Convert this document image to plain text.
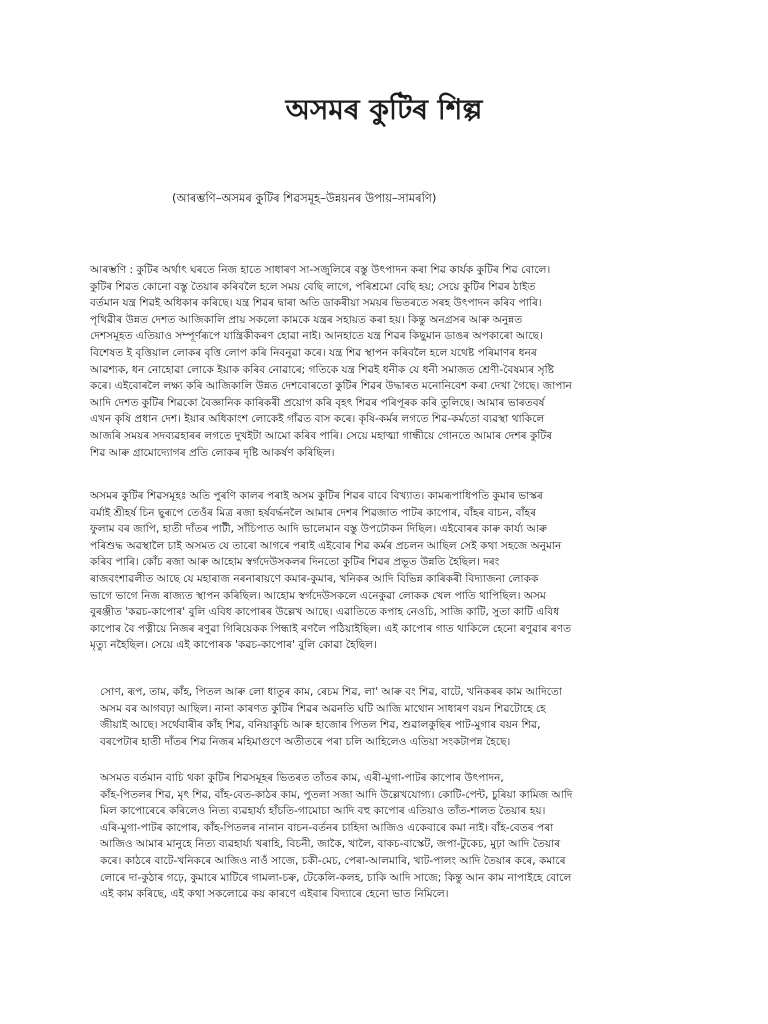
অসমৰ কুটিৰ শিল্প

(আৰম্ভণি–অসমৰ কুটিৰ শিৱসমূহ–উন্নয়নৰ উপায়–সামৰণি)

আৰম্ভণি : কুটিৰ অৰ্থাৎ ঘৰতে নিজ হাতে সাধাৰণ সা-সজুলিৰে বস্তু উৎপাদন কৰা শিৱ কাৰ্যক কুটিৰ শিৱ বোলে।
কুটিৰ শিৱত কোনো বস্তু তৈয়াৰ কৰিবলৈ হলে সময় বেছি লাগে, পৰিশ্ৰমো বেছি হয়; সেয়ে কুটিৰ শিৱৰ ঠাইত
বৰ্তমান যন্ত্ৰ শিৱই অধিকাৰ কৰিছে। যন্ত্ৰ শিৱৰ দ্বাৰা অতি ডাকৰীয়া সময়ৰ ভিতৰতে সৰহ উৎপাদন কৰিব পাৰি।
পৃথিৱীৰ উন্নত দেশত আজিকালি প্ৰায় সকলো কামকে যন্ত্ৰৰ সহায়ত কৰা হয়। কিন্তু অনগ্ৰসৰ আৰু অনুন্নত
দেশসমূহত এতিয়াও সম্পূৰ্ণৰূপে যান্ত্ৰিকীকৰণ হোৱা নাই। আনহাতে যন্ত্ৰ শিৱৰ কিছুমান ডাঙৰ অপকাৰো আছে।
বিশেষত ই বৃত্তিয়াল লোকৰ বৃত্তি লোপ কৰি নিবনুৱা কৰে। যন্ত্ৰ শিৱ স্থাপন কৰিবলৈ হলে যথেষ্ট পৰিমাণৰ ধনৰ
আৱশ্যক, ধন নোহোৱা লোকে ইয়াক কৰিব নোৱাৰে; গতিকে যন্ত্ৰ শিৱই ধনীক যে ধনী সমাজত শ্ৰেণী-বৈষম্যৰ সৃষ্টি
কৰে। এইবোৰলৈ লক্ষ্য কৰি আজিকালি উন্নত দেশবোৰতো কুটিৰ শিৱৰ উদ্ধাৰত মনোনিবেশ কৰা দেখা গৈছে। জাপান
আদি দেশত কুটিৰ শিৱকো বৈজ্ঞানিক কাৰিকৰী প্ৰয়োগ কৰি বৃহৎ শিৱৰ পৰিপূৰক কৰি তুলিছে। আমাৰ ভাৰতবৰ্ষ
এখন কৃষি প্ৰধান দেশ। ইয়াৰ অধিকাংশ লোকেই গাঁৱত বাস কৰে। কৃষি-কৰ্মৰ লগতে শিৱ-কৰ্মতো ব্যৱস্থা থাকিলে
আজৰি সময়ৰ সদব্যৱহাৰৰ লগতে দুখইটা আমো কৰিব পাৰি। সেয়ে মহাত্মা গান্ধীয়ে গোনতে আমাৰ দেশৰ কুটিৰ
শিৱ আৰু গ্ৰামোদ্যোগৰ প্ৰতি লোকৰ দৃষ্টি আকৰ্ষণ কৰিছিল।

অসমৰ কুটিৰ শিৱসমূহঃ অতি পুৰণি কালৰ পৰাই অসম কুটিৰ শিৱৰ বাবে বিখ্যাত। কামৰূপাধিপতি কুমাৰ ভাস্কৰ
বৰ্মাই শ্ৰীহৰ্ষ চিন ছ্বৰূপে তেওঁৰ মিত্ৰ ৰজা হৰ্ষবৰ্দ্ধনলৈ আমাৰ দেশৰ শিৱজাত পাটৰ কাপোৰ, বাঁহৰ বাচন, বাঁহৰ
ফুলাম বৰ জাপি, হাতী দাঁতৰ পাটী, সাঁচিপাত আদি ভালেমান বস্তু উপঢৌকন দিছিল। এইবোৰৰ কাৰু কাৰ্য্য আৰু
পৰিশুদ্ধ অৱস্থালৈ চাই অসমত যে তাৰো আগৰে পৰাই এইবোৰ শিৱ কৰ্মৰ প্ৰচলন আছিল সেই কথা সহজে অনুমান
কৰিব পাৰি। কোঁচ ৰজা আৰু আহোম স্বৰ্গদেউসকলৰ দিনতো কুটিৰ শিৱৰ প্ৰভূত উন্নতি হৈছিল। দৰং
ৰাজবংশাৱলীত আছে যে মহাৰাজ নৰনাৰায়ণে কমাৰ-কুমাৰ, খনিকৰ আদি বিভিন্ন কাৰিকৰী বিদ্যাজনা লোকক
ভাগে ভাগে নিজ ৰাজ্যত স্থাপন কৰিছিল। আহোম স্বৰ্গদেউসকলে এনেকুৱা লোকক খেল পাতি থাপিছিল। অসম
বুৰঞ্জীত 'কৱচ-কাপোৰ' বুলি এবিধ কাপোৰৰ উল্লেখ আছে। এৱাতিতে কপাহ নেওচি, সাজি কাটি, সুতা কাটি এবিধ
কাপোৰ বৈ পত্নীয়ে নিজৰ ৰণুৱা গিৰিয়েকক পিন্ধাই ৰণলৈ পঠিয়াইছিল। এই কাপোৰ গাত থাকিলে হেনো ৰণুৱাৰ ৰণত
মৃত্যু নহৈছিল। সেয়ে এই কাপোৰক 'কৱচ-কাপোৰ' বুলি কোৱা হৈছিল।

সোণ, ৰূপ, তাম, কাঁহ, পিতল আৰু লো ধাতুৰ কাম, ৰেচম শিৱ, লা' আৰু বং শিৱ, বাটে, খনিকৰৰ কাম আদিতো
অসম বৰ আগবঢ়া আছিল। নানা কাৰণত কুটিৰ শিৱৰ অৱনতি ঘটি আজি মাথোন সাধাৰণ বয়ন শিৱটোহে হে
জীয়াই আছে। সৰ্থেবাৰীৰ কাঁহ শিৱ, বনিয়াকুচি আৰু হাজোৰ পিতল শিৱ, শুৱালকুছিৰ পাট-মুগাৰ বয়ন শিৱ,
বৰপেটাৰ হাতী দাঁতৰ শিৱ নিজৰ মহিমাগুণে অতীতৰে পৰা চলি আহিলেও এতিয়া সংকটাপন্ন হৈছে।

অসমত বৰ্তমান বাচি থকা কুটিৰ শিৱসমূহৰ ভিতৰত তাঁতৰ কাম, এৰী-মুগা-পাটৰ কাপোৰ উৎপাদন,
কাঁহ-পিতলৰ শিৱ, মৃৎ শিৱ, বাঁহ-বেত-কাঠৰ কাম, পুতলা সজা আদি উল্লেখযোগ্য। কোটি-পেন্ট, চুৰিয়া কামিজ আদি
মিল কাপোৰেৰে কৰিলেও নিত্য ব্যৱহাৰ্য্য হাঁচতি-গামোচা আদি বহু কাপোৰ এতিয়াও তাঁত-শালত তৈয়াৰ হয়।
এৰি-মুগা-পাটৰ কাপোৰ, কাঁহ-পিতলৰ নানান বাচন-বৰ্তনৰ চাহিদা আজিও একেবাৰে কমা নাই। বাঁহ-বেতৰ পৰা
আজিও আমাৰ মানুহে নিত্য ব্যৱহাৰ্য্য খৰাহি, বিচনী, জাকৈ, খালৈ, বাকচ-বাস্কেট, জপা-টুকেচ, মুঢ়া আদি তৈয়াৰ
কৰে। কাঠৰে বাটে-খনিকৰে আজিও নাওঁ সাজে, চকী-মেচ, পেৰা-আলমাৰি, খাট-পালং আদি তৈয়াৰ কৰে, কমাৰে
লোৰে দা-কুঠাৰ গঢ়ে, কুমাৰে মাটিৰে গামলা-চৰু, টেকেলি-কলহ, চাকি আদি সাজে; কিন্তু আন কাম নাপাইহে বোলে
এই কাম কৰিছে, এই কথা সকলোৱে কয় কাৰণে এইবাৰ বিদ্যাৰে হেনো ভাত নিমিলে।
